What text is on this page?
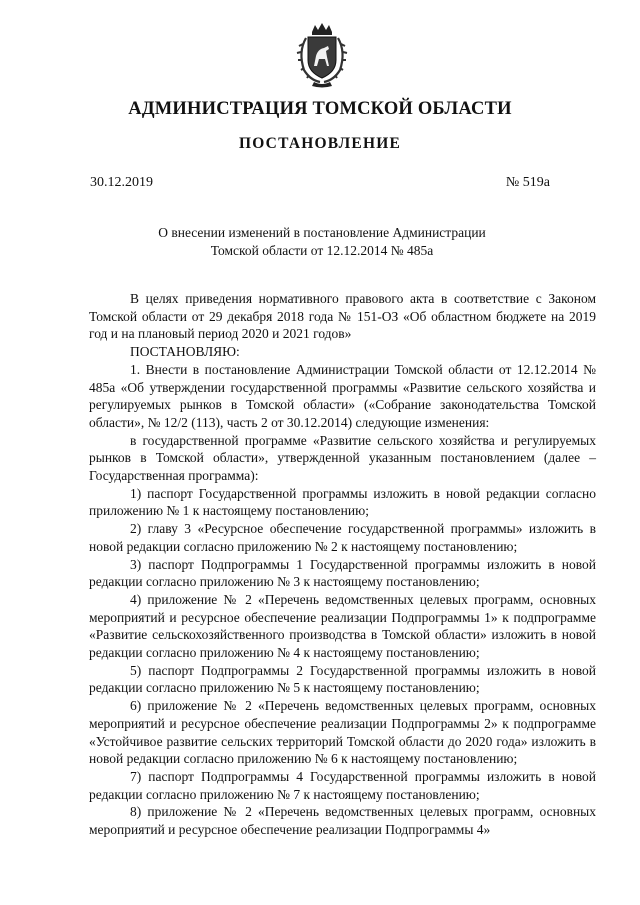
АДМИНИСТРАЦИЯ ТОМСКОЙ ОБЛАСТИ
ПОСТАНОВЛЕНИЕ
30.12.2019	№ 519а
О внесении изменений в постановление Администрации
Томской области от 12.12.2014 № 485а

В целях приведения нормативного правового акта в соответствие с Законом Томской области от 29 декабря 2018 года № 151-ОЗ «Об областном бюджете на 2019 год и на плановый период 2020 и 2021 годов»

ПОСТАНОВЛЯЮ:

1. Внести в постановление Администрации Томской области от 12.12.2014 № 485а «Об утверждении государственной программы «Развитие сельского хозяйства и регулируемых рынков в Томской области» («Собрание законодательства Томской области», № 12/2 (113), часть 2 от 30.12.2014) следующие изменения:

в государственной программе «Развитие сельского хозяйства и регулируемых рынков в Томской области», утвержденной указанным постановлением (далее – Государственная программа):

1) паспорт Государственной программы изложить в новой редакции согласно приложению № 1 к настоящему постановлению;

2) главу 3 «Ресурсное обеспечение государственной программы» изложить в новой редакции согласно приложению № 2 к настоящему постановлению;

3) паспорт Подпрограммы 1 Государственной программы изложить в новой редакции согласно приложению № 3 к настоящему постановлению;

4) приложение № 2 «Перечень ведомственных целевых программ, основных мероприятий и ресурсное обеспечение реализации Подпрограммы 1» к подпрограмме «Развитие сельскохозяйственного производства в Томской области» изложить в новой редакции согласно приложению № 4 к настоящему постановлению;

5) паспорт Подпрограммы 2 Государственной программы изложить в новой редакции согласно приложению № 5 к настоящему постановлению;

6) приложение № 2 «Перечень ведомственных целевых программ, основных мероприятий и ресурсное обеспечение реализации Подпрограммы 2» к подпрограмме «Устойчивое развитие сельских территорий Томской области до 2020 года» изложить в новой редакции согласно приложению № 6 к настоящему постановлению;

7) паспорт Подпрограммы 4 Государственной программы изложить в новой редакции согласно приложению № 7 к настоящему постановлению;

8) приложение № 2 «Перечень ведомственных целевых программ, основных мероприятий и ресурсное обеспечение реализации Подпрограммы 4»
